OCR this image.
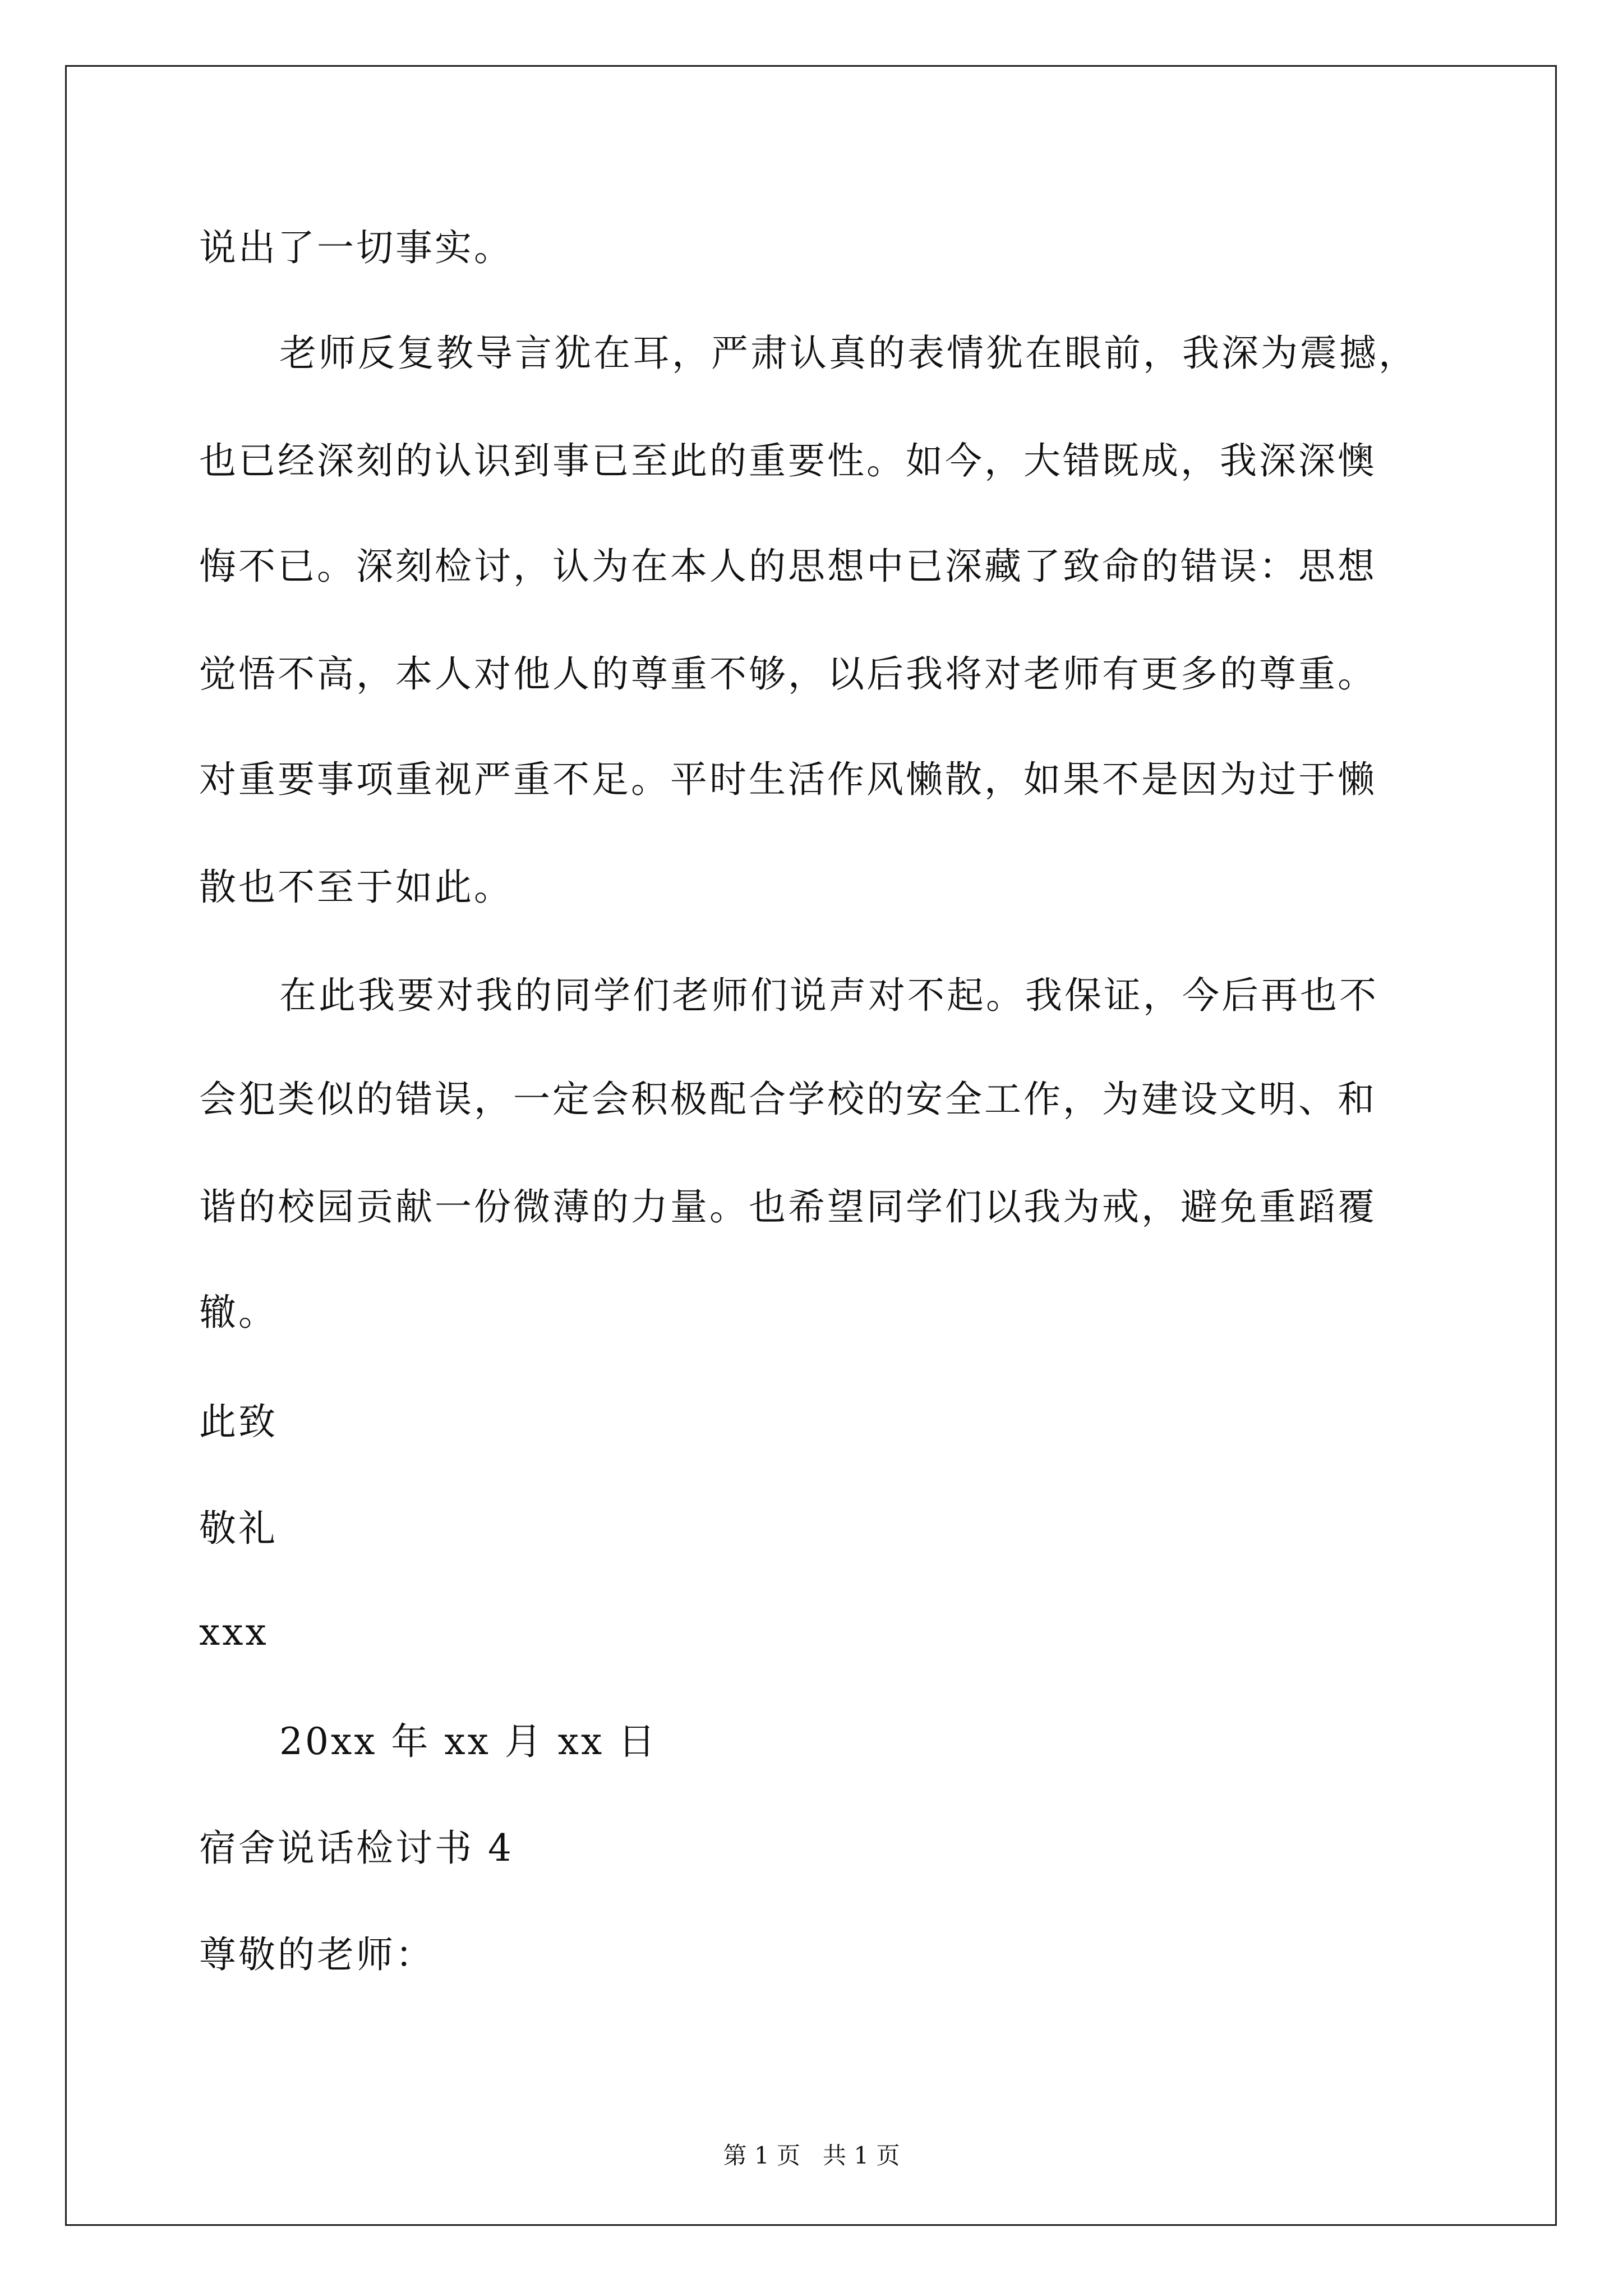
说出了一切事实。
老师反复教导言犹在耳，严肃认真的表情犹在眼前，我深为震撼，
也已经深刻的认识到事已至此的重要性。如今，大错既成，我深深懊
悔不已。深刻检讨，认为在本人的思想中已深藏了致命的错误：思想
觉悟不高，本人对他人的尊重不够，以后我将对老师有更多的尊重。
对重要事项重视严重不足。平时生活作风懒散，如果不是因为过于懒
散也不至于如此。
在此我要对我的同学们老师们说声对不起。我保证，今后再也不
会犯类似的错误，一定会积极配合学校的安全工作，为建设文明、和
谐的校园贡献一份微薄的力量。也希望同学们以我为戒，避免重蹈覆
辙。
此致
敬礼
xxx
20xx 年 xx 月 xx 日
宿舍说话检讨书 4
尊敬的老师：
第 1 页   共 1 页
